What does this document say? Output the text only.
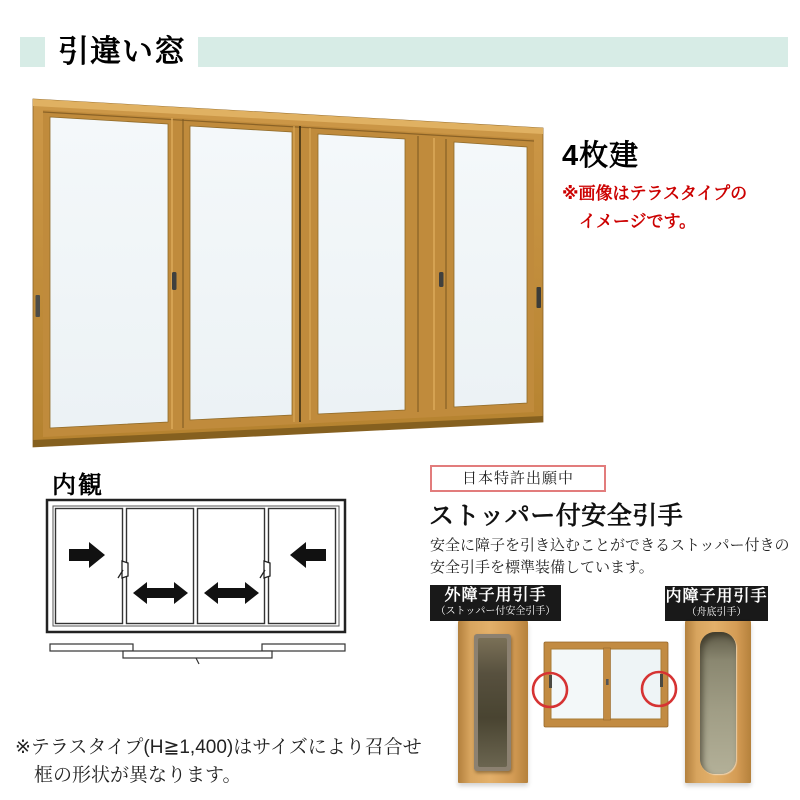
引違い窓
4枚建
※画像はテラスタイプの
イメージです。
内観	日本特許出願中
ストッパー付安全引手
安全に障子を引き込むことができるストッパー付きの
安全引手を標準装備しています。
外障子用引手
（ストッパー付安全引手）
内障子用引手
（舟底引手）
※テラスタイプ(H≧1,400)はサイズにより召合せ
框の形状が異なります。
